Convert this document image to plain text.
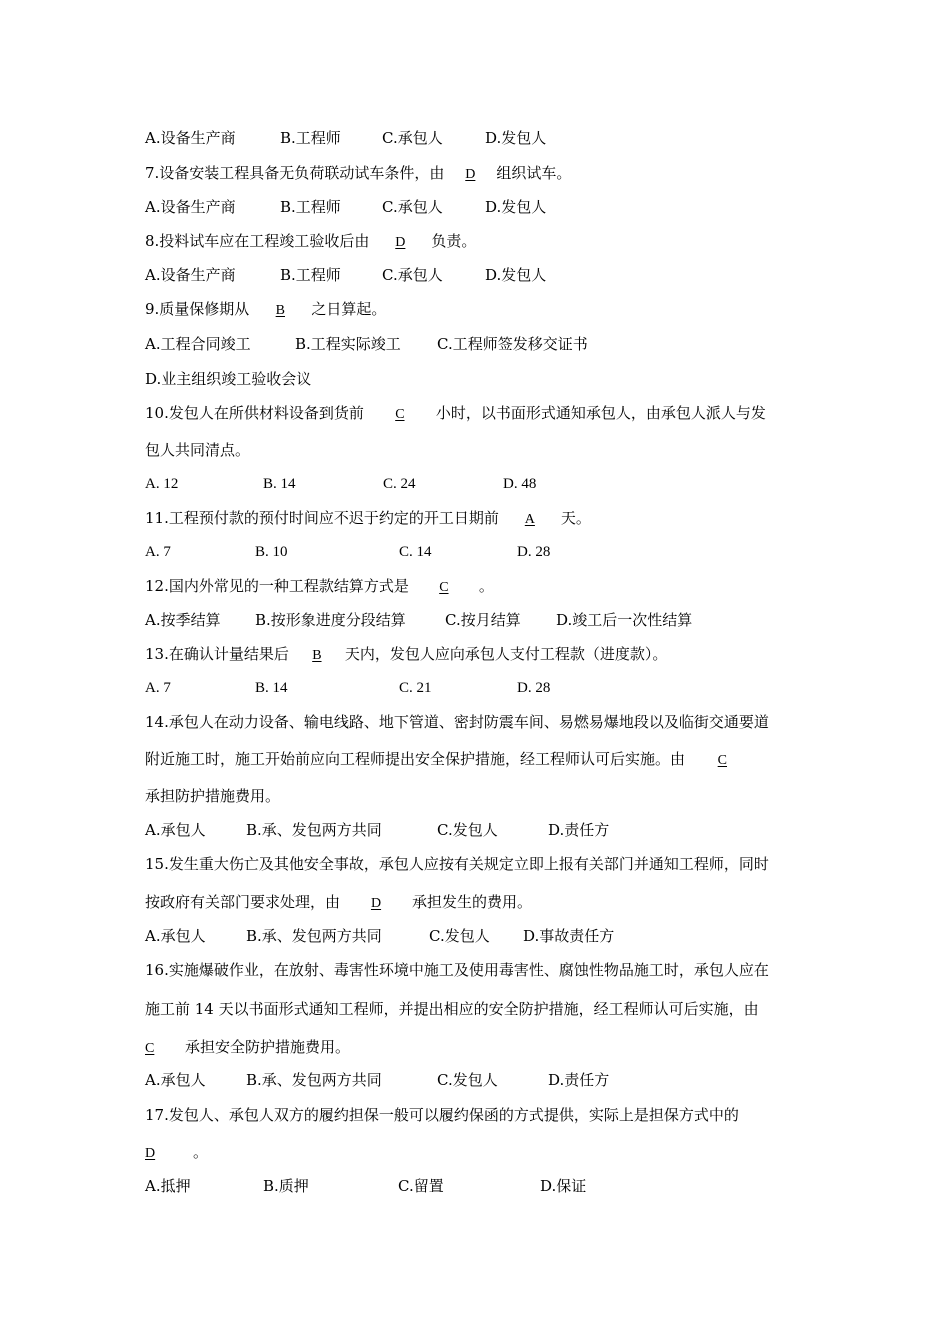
A.设备生产商	B.工程师	C.承包人	D.发包人
7.设备安装工程具备无负荷联动试车条件，由 D 组织试车。
A.设备生产商	B.工程师	C.承包人	D.发包人
8.投料试车应在工程竣工验收后由 D 负责。
A.设备生产商	B.工程师	C.承包人	D.发包人
9.质量保修期从 B 之日算起。
A.工程合同竣工	B.工程实际竣工 C.工程师签发移交证书
D.业主组织竣工验收会议
10.发包人在所供材料设备到货前 C 小时，以书面形式通知承包人，由承包人派人与发
包人共同清点。
A. 12	B. 14	C. 24	D. 48
11.工程预付款的预付时间应不迟于约定的开工日期前 A 天。
A. 7	B. 10	C. 14	D. 28
12.国内外常见的一种工程款结算方式是 C 。
A.按季结算 B.按形象进度分段结算	C.按月结算 D.竣工后一次性结算
13.在确认计量结果后 B 天内，发包人应向承包人支付工程款（进度款）。
A. 7	B. 14	C. 21	D. 28
14.承包人在动力设备、输电线路、地下管道、密封防震车间、易燃易爆地段以及临街交通要道
附近施工时，施工开始前应向工程师提出安全保护措施，经工程师认可后实施。由 C
承担防护措施费用。
A.承包人	B.承、发包两方共同	C.发包人	D.责任方
15.发生重大伤亡及其他安全事故，承包人应按有关规定立即上报有关部门并通知工程师，同时
按政府有关部门要求处理，由 D 承担发生的费用。
A.承包人	B.承、发包两方共同	C.发包人 D.事故责任方
16.实施爆破作业，在放射、毒害性环境中施工及使用毒害性、腐蚀性物品施工时，承包人应在
施工前 14 天以书面形式通知工程师，并提出相应的安全防护措施，经工程师认可后实施，由
C 承担安全防护措施费用。
A.承包人	B.承、发包两方共同	C.发包人	D.责任方
17.发包人、承包人双方的履约担保一般可以履约保函的方式提供，实际上是担保方式中的
D	。
A.抵押	B.质押	C.留置	D.保证
